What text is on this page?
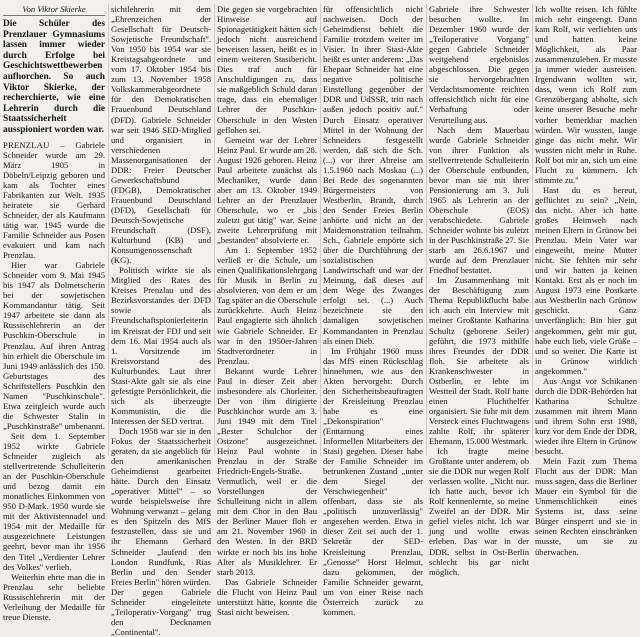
Von Viktor Skierke
Die Schüler des Prenzlauer Gymnasiums lassen immer wieder durch Erfolge bei Geschichtswettbewerben aufhorchen. So auch Viktor Skierke, der recherchierte, wie eine Lehrerin durch die Staatssicherheit ausspioniert worden war.

PRENZLAU – Gabriele Schneider wurde am 29. März 1905 in Döbeln/Leipzig geboren und kam als Tochter eines Fabrikanten zur Welt. 1935 heiratete sie Gerhard Schneider, der als Kaufmann tätig war. 1945 wurde die Familie Schneider aus Posen evakuiert und kam nach Prenzlau.

Hier war Gabriele Schneider vom 9. Mai 1945 bis 1947 als Dolmetscherin bei der sowjetischen Kommandantur tätig. Seit 1947 arbeitete sie dann als Russischlehrerin an der Puschkin-Oberschule in Prenzlau. Auf ihren Antrag hin erhielt die Oberschule im Juni 1949 anlässlich des 150. Geburtstages des Schriftstellers Puschkin den Namen "Puschkinschule". Etwa zeitgleich wurde auch die Schwester Stalin in „Puschkinstraße" umbenannt.

Seit dem 1. September 1952 wirkte Gabriele Schneider zugleich als stellvertretende Schulleiterin an der Puschkin-Oberschule und bezog damit ein monatliches Einkommen von 950 D-Mark. 1950 wurde sie mit der Aktivistennadel und 1954 mit der Medaille für ausgezeichnete Leistungen geehrt, bevor man ihr 1956 den Titel „Verdienter Lehrer des Volkes" verlieh.

Weiterhin ehrte man die in Prenzlau sehr beliebte Russischlehrerin mit der Verleihung der Medaille für treue Dienste.

sichtlehrerin mit dem „Ehrenzeichen der Gesellschaft für Deutsch-Sowjetische Freundschaft". Von 1950 bis 1954 war sie Kreistagsabgeordnete und vom 17. Oktober 1954 bis zum 13. November 1958 Volkskammerabgeordnete für den Demokratischen Frauenbund Deutschland (DFD). Gabriele Schneider war seit 1946 SED-Mitglied und organisiert in verschiedenen Massenorganisationen der DDR: Freier Deutscher Gewerkschaftsbund (FDGB), Demokratischer Frauenbund Deutschland (DFD), Gesellschaft für Deutsch-Sowjetische Freundschaft (DSF), Kulturbund (KB) und Konsumgenossenschaft (KG).

Politisch wirkte sie als Mitglied des Rates des Kreises Prenzlau und des Bezirksvorstandes der DFD sowie als Freundschaftspionierleiterin im Kreisrat der FDJ und seit dem 16. Mai 1954 auch als 1. Vorsitzende im Kreisvorstand des Kulturbundes. Laut ihrer Stasi-Akte galt sie als eine gefestigte Persönlichkeit, die sich als überzeugte Kommunistin, die die Interessen der SED vertrat.

Doch 1958 war sie in den Fokus der Staatssicherheit geraten, da sie angeblich für den amerikanischen Geheimdienst gearbeitet hätte. Durch den Einsatz „operativer Mittel" – so wurde beispielsweise ihre Wohnung verwanzt – gelang es den Spitzeln des MfS festzustellen, dass sie und ihr Ehemann Gerhard Schneider „laufend den London Rundfunk, Rias Berlin und den Sender Freies Berlin" hören würden. Der gegen Gabriele Schneider eingeleitete „Teiloperativ-Vorgang" trug den Decknamen „Continental".

Die gegen sie vorgebrachten Hinweise auf Spionagetätigkeit hätten sich jedoch nicht ausreichend beweisen lassen, heißt es in einem weiteren Stasibericht. Dies traf auch für Anschuldigungen zu, dass sie maßgeblich Schuld daran trage, dass ein ehemaliger Lehrer der Puschkin-Oberschule in den Westen geflohen sei.

Gemeint war der Lehrer Heinz Paul. Er wurde am 28. August 1926 geboren. Heinz Paul arbeitete zunächst als Mechaniker, wurde dann aber am 13. Oktober 1949 Lehrer an der Prenzlauer Oberschule, wo er „bis zuletzt gut tätig" war. Seine zweite Lehrerprüfung mit „bestanden" absolvierte er.

Am 1. September 1952 verließ er die Schule, um einen Qualifikationslehrgang für Musik in Berlin zu absolvieren, von dem er am Tag später an die Oberschule zurückkehrte. Auch Heinz Paul engagierte sich ähnlich wie Gabriele Schneider. Er war in den 1950er-Jahren Stadtverordneter in Prenzlau.

Bekannt wurde Lehrer Paul in dieser Zeit aber insbesondere als Chorleiter. Der von ihm dirigierte Puschkinchor wurde am 3. Juni 1949 mit dem Titel „Bester Schulchor der Ostzone" ausgezeichnet. Heinz Paul wohnte in Prenzlau in der Straße Friedrich-Engels-Straße. Vermutlich, weil er die Vorstellungen der Schulleitung nicht in allem mit dem Chor in den Bau der Berliner Mauer floh er am 21. November 1960 in den Westen. In der BRD wirkte er noch bis ins hohe Alter als Musiklehrer. Er starb 2013.

Das Gabriele Schneider die Flucht von Heinz Paul unterstützt hätte, konnte die Stasi nicht beweisen.

für offensichtlich nicht nachweisen. Doch der Geheimdienst behielt die Familie trotzdem weiter im Visier. In ihrer Stasi-Akte heißt es unter anderem: „Das Ehepaar Schneider hat eine negative politische Einstellung gegenüber der DDR und UdSSR, tritt nach außen jedoch positiv auf." Durch Einsatz operativer Mittel in der Wohnung der Schneiders festgestellt werden, daß sich die Sch. (...) vor ihrer Abreise am 1.5.1960 nach Moskau (...) Bei Rede des sogenannten Bürgermeisters von Westberlin, Brandt, durch den Sender Freies Berlin anhörte und nicht an der Maidemonstration teilnahm. Sch., Gabriele empörte sich über die Durchführung der sozialistischen Landwirtschaft und war der Meinung, daß dieses auf dem Wege des Zwanges erfolgt sei. (...) Auch bezeichnete sie den damaligen sowjetischen Kommandanten in Prenzlau als einen Dieb.

Im Frühjahr 1960 muss das MfS einen Rückschlag hinnehmen, wie aus den Akten hervorgeht: Durch den Sicherheitsbeauftragten der Kreisleitung Prenzlau habe es eine „Dekonspiration" (Enttarnung eines Informellen Mitarbeiters der Stasi) gegeben. Dieser habe der Familie Schneider im betrunkenen Zustand „unter dem Siegel der Verschwiegenheit" offenbart, dass sie als „politisch unzuverlässig" angesehen werden. Etwa in dieser Zeit sei auch der 1. Sekretär der SED-Kreisleitung Prenzlau, „Genosse" Horst Helmut, dazu gekommen, der Familie Schneider gewarnt, um von einer Reise nach Österreich zurück zu kommen.

Gabriele ihre Schwester besuchen wollte. Im Dezember 1960 wurde der „Teiloperative Vorgang" gegen Gabriele Schneider weitgehend ergebnislos abgeschlossen. Die gegen sie hervorgebrachten Verdachtsmomente reichten offensichtlich nicht für eine Verhaftung oder Verurteilung aus.

Nach dem Mauerbau wurde Gabriele Schneider von ihrer Funktion als stellvertretende Schulleiterin der Oberschule entbunden, bevor man sie mit ihrer Pensionierung am 3. Juli 1965 als Lehrerin an der Oberschule (EOS) verabschiedete. Gabriele Schneider wohnte bis zuletzt in der Puschkinstraße 27. Sie starb am 26.6.1967 und wurde auf dem Prenzlauer Friedhof bestattet.

Im Zusammenhang mit der Beschäftigung zum Thema Republikflucht habe ich auch ein Interview mit meiner Großtante Katharina Schultz (geborene Seiler) geführt, die 1973 mithilfe ihres Freundes der DDR floh. Sie arbeitete als Krankenschwester in Ostberlin, er lebte im Westteil der Stadt. Rolf hatte einen Fluchthelfer organisiert. Sie fuhr mit dem Versteck eines Fluchtwagens zahlte Rolf, ihr späterer Ehemann, 15.000 Westmark.

Ich fragte meine Großtante unter anderem, ob sie die DDR nur wegen Rolf verlassen wollte. „Nicht nur. Ich hatte auch, bevor ich Rolf kennenlernte, so meine Zweifel an der DDR. Mir gefiel vieles nicht. Ich war jung und wollte etwas erleben. Das war in der DDR, selbst in Ost-Berlin schlecht bis gar nicht möglich.

Ich wollte reisen. Ich fühlte mich sehr eingeengt. Dann kam Rolf, wir verliebten uns und hatten keine Möglichkeit, als Paar zusammenzuleben. Er musste ja immer wieder ausreisen. Irgendwann wollten wir, dass, wenn ich Rolf zum Grenzübergang abholte, sich keine unserer Besuche mehr vorher bemerkbar machen würden. Wir wussten, lange ginge das nicht mehr. Wir wussten nicht mehr in Ruhe. Rolf bot mir an, sich um eine Flucht zu kümmern. Ich stimmte zu."

Hast du es bereut, geflüchtet zu sein? „Nein, das nicht. Aber ich hatte großes Heimweh nach meinen Eltern in Grünow bei Prenzlau. Mein Vater war eingeweiht, meine Mutter nicht. Sie fehlten mir sehr und wir hatten ja keinen Kontakt. Erst als er noch im August 1973 eine Postkarte aus Westberlin nach Grünow geschickt. Ganz unverfänglich: Bin hier gut angekommen, geht mir gut, habe euch lieb, viele Grüße – und so weiter. Die Karte ist in Grünow wirklich angekommen."

Aus Angst vor Schikanen durch die DDR-Behörden hat Katharina Schultze zusammen mit ihrem Mann und ihrem Sohn erst 1988, kurz vor dem Ende der DDR, wieder ihre Eltern in Grünow besucht.

Mein Fazit zum Thema Flucht aus der DDR: Man muss sagen, dass die Berliner Mauer ein Symbol für die Unmenschlichkeit eines Systems ist, dass seine Bürger einsperrt und sie in seinen Rechten einschränken musste, um sie zu überwachen.
